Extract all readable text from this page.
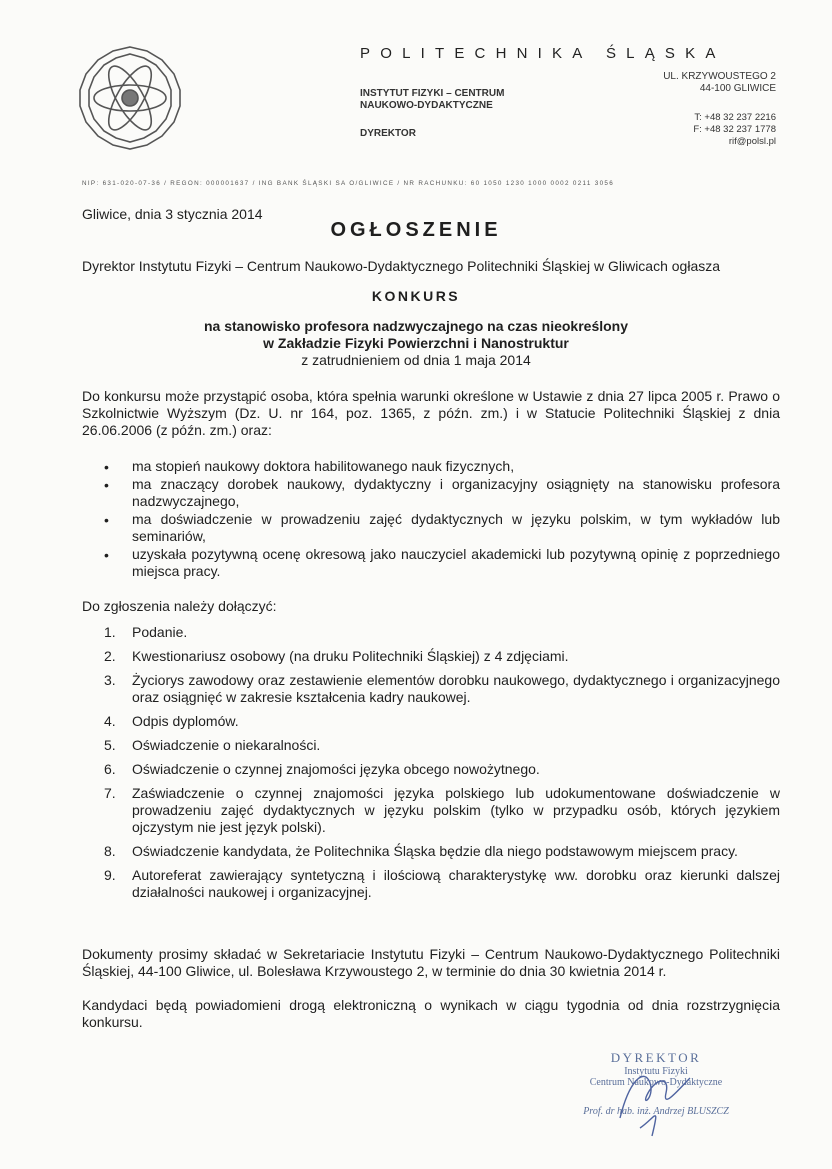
POLITECHNIKA ŚLĄSKA
INSTYTUT FIZYKI – CENTRUM
NAUKOWO-DYDAKTYCZNE
DYREKTOR
UL. KRZYWOUSTEGO 2
44-100 GLIWICE
T: +48 32 237 2216
F: +48 32 237 1778
rif@polsl.pl
NIP: 631-020-07-36 / REGON: 000001637 / ING BANK ŚLĄSKI SA O/GLIWICE / NR RACHUNKU: 60 1050 1230 1000 0002 0211 3056
Gliwice, dnia 3 stycznia 2014
OGŁOSZENIE
Dyrektor Instytutu Fizyki – Centrum Naukowo-Dydaktycznego Politechniki Śląskiej w Gliwicach ogłasza
KONKURS
na stanowisko profesora nadzwyczajnego na czas nieokreślony
w Zakładzie Fizyki Powierzchni i Nanostruktur
z zatrudnieniem od dnia 1 maja 2014
Do konkursu może przystąpić osoba, która spełnia warunki określone w Ustawie z dnia 27 lipca 2005 r. Prawo o Szkolnictwie Wyższym (Dz. U. nr 164, poz. 1365, z późn. zm.) i w Statucie Politechniki Śląskiej z dnia 26.06.2006 (z późn. zm.) oraz:
• ma stopień naukowy doktora habilitowanego nauk fizycznych,
• ma znaczący dorobek naukowy, dydaktyczny i organizacyjny osiągnięty na stanowisku profesora nadzwyczajnego,
• ma doświadczenie w prowadzeniu zajęć dydaktycznych w języku polskim, w tym wykładów lub seminariów,
• uzyskała pozytywną ocenę okresową jako nauczyciel akademicki lub pozytywną opinię z poprzedniego miejsca pracy.
Do zgłoszenia należy dołączyć:
1. Podanie.
2. Kwestionariusz osobowy (na druku Politechniki Śląskiej) z 4 zdjęciami.
3. Życiorys zawodowy oraz zestawienie elementów dorobku naukowego, dydaktycznego i organizacyjnego oraz osiągnięć w zakresie kształcenia kadry naukowej.
4. Odpis dyplomów.
5. Oświadczenie o niekaralności.
6. Oświadczenie o czynnej znajomości języka obcego nowożytnego.
7. Zaświadczenie o czynnej znajomości języka polskiego lub udokumentowane doświadczenie w prowadzeniu zajęć dydaktycznych w języku polskim (tylko w przypadku osób, których językiem ojczystym nie jest język polski).
8. Oświadczenie kandydata, że Politechnika Śląska będzie dla niego podstawowym miejscem pracy.
9. Autoreferat zawierający syntetyczną i ilościową charakterystykę ww. dorobku oraz kierunki dalszej działalności naukowej i organizacyjnej.
Dokumenty prosimy składać w Sekretariacie Instytutu Fizyki – Centrum Naukowo-Dydaktycznego Politechniki Śląskiej, 44-100 Gliwice, ul. Bolesława Krzywoustego 2, w terminie do dnia 30 kwietnia 2014 r.
Kandydaci będą powiadomieni drogą elektroniczną o wynikach w ciągu tygodnia od dnia rozstrzygnięcia konkursu.
DYREKTOR
Instytutu Fizyki
Centrum Naukowo-Dydaktyczne
Prof. dr hab. inż. Andrzej BLUSZCZ
